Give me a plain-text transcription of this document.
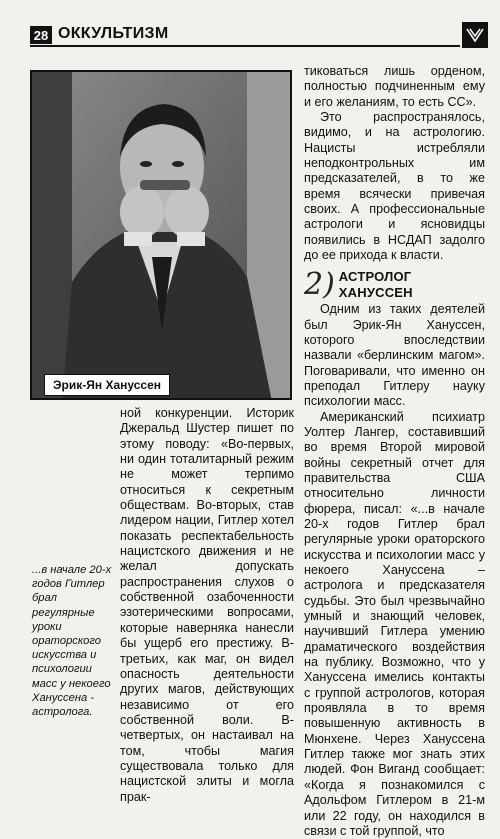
28 ОККУЛЬТИЗМ
Эрик-Ян Хануссен

тиковаться лишь орденом, полностью подчиненным ему и его желаниям, то есть СС».

Это распространялось, видимо, и на астрологию. Нацисты истребляли неподконтрольных им предсказателей, в то же время всячески привечая своих. А профессиональные астрологи и ясновидцы появились в НСДАП задолго до ее прихода к власти.

2) АСТРОЛОГ ХАНУССЕН

Одним из таких деятелей был Эрик-Ян Хануссен, которого впоследствии назвали «берлинским магом». Поговаривали, что именно он преподал Гитлеру науку психологии масс.

Американский психиатр Уолтер Лангер, составивший во время Второй мировой войны секретный отчет для правительства США относительно личности фюрера, писал: «...в начале 20-х годов Гитлер брал регулярные уроки ораторского искусства и психологии масс у некоего Хануссена – астролога и предсказателя судьбы. Это был чрезвычайно умный и знающий человек, научивший Гитлера умению драматического воздействия на публику. Возможно, что у Хануссена имелись контакты с группой астрологов, которая проявляла в то время повышенную активность в Мюнхене. Через Хануссена Гитлер также мог знать этих людей. Фон Виганд сообщает: «Когда я познакомился с Адольфом Гитлером в 21-м или 22 году, он находился в связи с той группой, что

ной конкуренции. Историк Джеральд Шустер пишет по этому поводу: «Во-первых, ни один тоталитарный режим не может терпимо относиться к секретным обществам. Во-вторых, став лидером нации, Гитлер хотел показать респектабельность нацистского движения и не желал допускать распространения слухов о собственной озабоченности эзотерическими вопросами, которые наверняка нанесли бы ущерб его престижу. В-третьих, как маг, он видел опасность деятельности других магов, действующих независимо от его собственной воли. В-четвертых, он настаивал на том, чтобы магия существовала только для нацистской элиты и могла прак-

...в начале 20-х годов Гитлер брал регулярные уроки ораторского искусства и психологии масс у некоего Хануссена - астролога.
